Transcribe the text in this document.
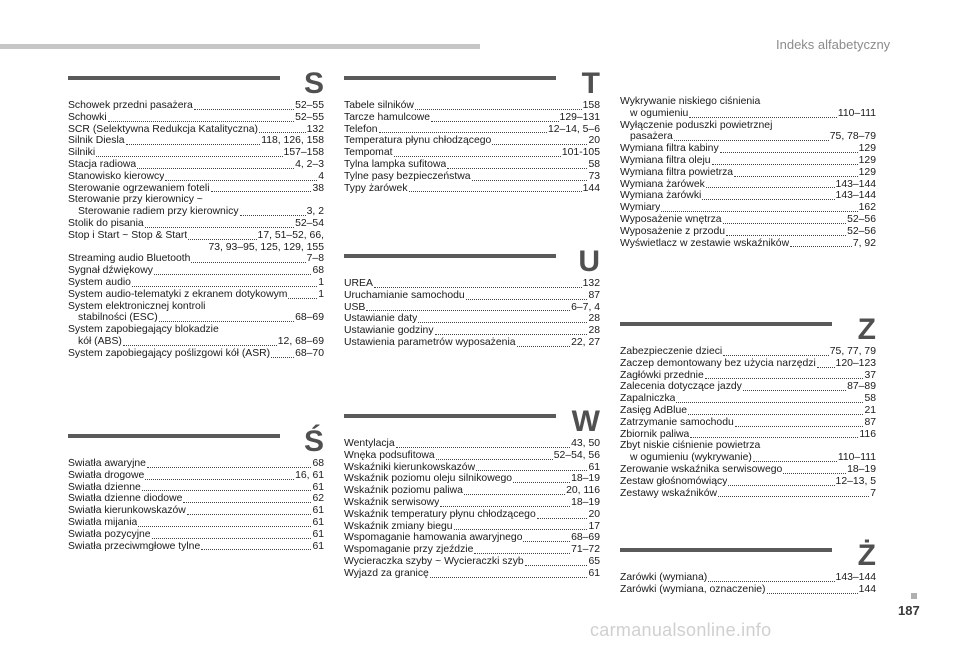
Indeks alfabetyczny
S
Schowek przedni pasażera	52–55
Schowki	52–55
SCR (Selektywna Redukcja Katalityczna)	132
Silnik Diesla	118, 126, 158
Silniki	157–158
Stacja radiowa	4, 2–3
Stanowisko kierowcy	4
Sterowanie ogrzewaniem foteli	38
Sterowanie przy kierownicy ~
Sterowanie radiem przy kierownicy	3, 2
Stolik do pisania	52–54
Stop i Start ~ Stop & Start	17, 51–52, 66,
73, 93–95, 125, 129, 155
Streaming audio Bluetooth	7–8
Sygnał dźwiękowy	68
System audio	1
System audio-telematyki z ekranem dotykowym	1
System elektronicznej kontroli
stabilności (ESC)	68–69
System zapobiegający blokadzie
kół (ABS)	12, 68–69
System zapobiegający poślizgowi kół (ASR) 68–70
Ś
Światła awaryjne	68
Światła drogowe	16, 61
Światła dzienne	61
Światła dzienne diodowe	62
Światła kierunkowskazów	61
Światła mijania	61
Światła pozycyjne	61
Światła przeciwmgłowe tylne	61
T
Tabele silników	158
Tarcze hamulcowe	129–131
Telefon	12–14, 5–6
Temperatura płynu chłodzącego	20
Tempomat	101-105
Tylna lampka sufitowa	58
Tylne pasy bezpieczeństwa	73
Typy żarówek	144
U
UREA	132
Uruchamianie samochodu	87
USB	6–7, 4
Ustawianie daty	28
Ustawianie godziny	28
Ustawienia parametrów wyposażenia	22, 27
W
Wentylacja	43, 50
Wnęka podsufitowa	52–54, 56
Wskaźniki kierunkowskazów	61
Wskaźnik poziomu oleju silnikowego	18–19
Wskaźnik poziomu paliwa	20, 116
Wskaźnik serwisowy	18–19
Wskaźnik temperatury płynu chłodzącego	20
Wskaźnik zmiany biegu	17
Wspomaganie hamowania awaryjnego	68–69
Wspomaganie przy zjeździe	71–72
Wycieraczka szyby ~ Wycieraczki szyb	65
Wyjazd za granicę	61
Wykrywanie niskiego ciśnienia
w ogumieniu	110–111
Wyłączenie poduszki powietrznej
pasażera	75, 78–79
Wymiana filtra kabiny	129
Wymiana filtra oleju	129
Wymiana filtra powietrza	129
Wymiana żarówek	143–144
Wymiana żarówki	143–144
Wymiary	162
Wyposażenie wnętrza	52–56
Wyposażenie z przodu	52–56
Wyświetlacz w zestawie wskaźników	7, 92
Z
Zabezpieczenie dzieci	75, 77, 79
Zaczep demontowany bez użycia narzędzi 120–123
Zagłówki przednie	37
Zalecenia dotyczące jazdy	87–89
Zapalniczka	58
Zasięg AdBlue	21
Zatrzymanie samochodu	87
Zbiornik paliwa	116
Zbyt niskie ciśnienie powietrza
w ogumieniu (wykrywanie)	110–111
Zerowanie wskaźnika serwisowego	18–19
Zestaw głośnomówiący	12–13, 5
Zestawy wskaźników	7
Ż
Żarówki (wymiana)	143–144
Żarówki (wymiana, oznaczenie)	144
187
carmanualsonline.info
